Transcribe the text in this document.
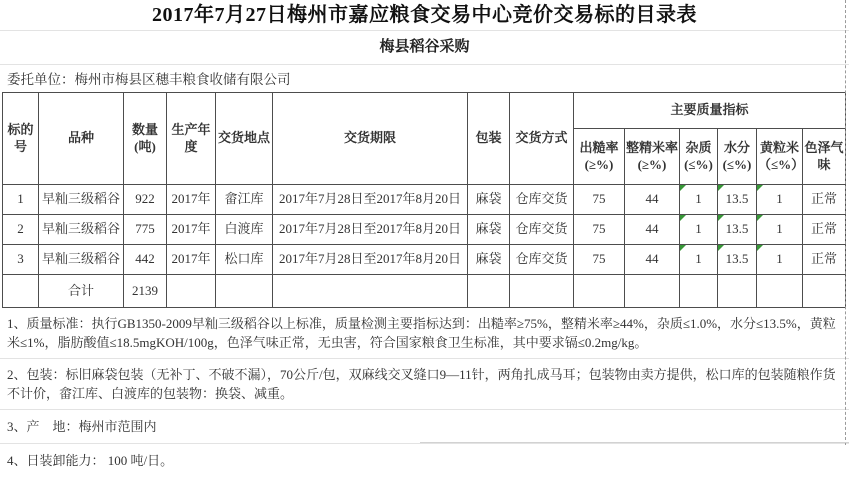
2017年7月27日梅州市嘉应粮食交易中心竞价交易标的目录表
梅县稻谷采购
委托单位：梅州市梅县区穗丰粮食收储有限公司
标的号	品种	数量(吨)	生产年度	交货地点	交货期限	包装	交货方式	主要质量指标					
								出糙率(≥%)	整精米率(≥%)	杂质(≤%)	水分(≤%)	黄粒米（≤%）	色泽气味
1	早籼三级稻谷	922	2017年	畲江库	2017年7月28日至2017年8月20日	麻袋	仓库交货	75	44	1	13.5	1	正常
2	早籼三级稻谷	775	2017年	白渡库	2017年7月28日至2017年8月20日	麻袋	仓库交货	75	44	1	13.5	1	正常
3	早籼三级稻谷	442	2017年	松口库	2017年7月28日至2017年8月20日	麻袋	仓库交货	75	44	1	13.5	1	正常
	合计	2139											
1、质量标准：执行GB1350-2009早籼三级稻谷以上标准，质量检测主要指标达到：出糙率≥75%，整精米率≥44%，杂质≤1.0%，水分≤13.5%，黄粒米≤1%，脂肪酸值≤18.5mgKOH/100g，色泽气味正常，无虫害，符合国家粮食卫生标准，其中要求镉≤0.2mg/kg。
2、包装：标旧麻袋包装（无补丁、不破不漏），70公斤/包，双麻线交叉缝口9—11针，两角扎成马耳；包装物由卖方提供，松口库的包装随粮作货不计价，畲江库、白渡库的包装物：换袋、减重。
3、产　地：梅州市范围内
4、日装卸能力： 100 吨/日。
